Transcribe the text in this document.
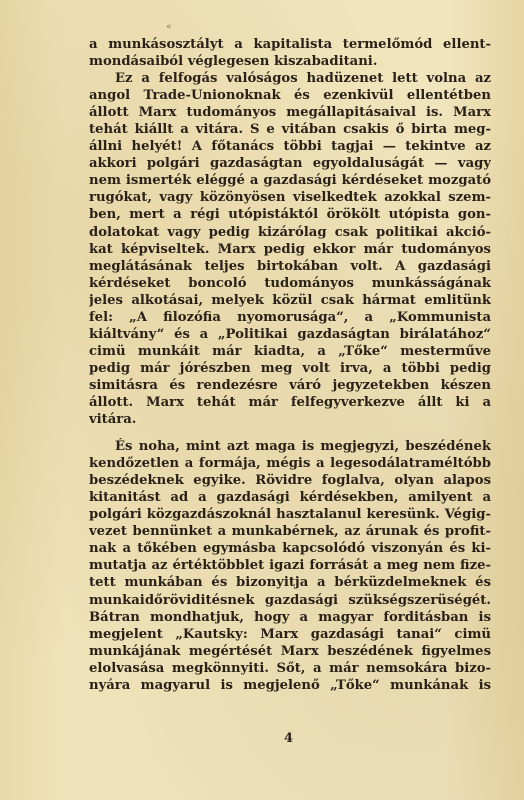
«
a munkásosztályt a kapitalista termelőmód ellent-
mondásaiból véglegesen kiszabaditani.
Ez a felfogás valóságos hadüzenet lett volna az
angol Trade-Unionoknak és ezenkivül ellentétben
állott Marx tudományos megállapitásaival is. Marx
tehát kiállt a vitára. S e vitában csakis ő birta meg-
állni helyét! A főtanács többi tagjai — tekintve az
akkori polgári gazdaságtan egyoldaluságát — vagy
nem ismerték eléggé a gazdasági kérdéseket mozgató
rugókat, vagy közönyösen viselkedtek azokkal szem-
ben, mert a régi utópistáktól örökölt utópista gon-
dolatokat vagy pedig kizárólag csak politikai akció-
kat képviseltek. Marx pedig ekkor már tudományos
meglátásának teljes birtokában volt. A gazdasági
kérdéseket boncoló tudományos munkásságának
jeles alkotásai, melyek közül csak hármat emlitünk
fel: „A filozófia nyomorusága“, a „Kommunista
kiáltvány“ és a „Politikai gazdaságtan birálatához“
cimü munkáit már kiadta, a „Tőke“ mesterműve
pedig már jórészben meg volt irva, a többi pedig
simitásra és rendezésre váró jegyzetekben készen
állott. Marx tehát már felfegyverkezve állt ki a
vitára.
És noha, mint azt maga is megjegyzi, beszédének
kendőzetlen a formája, mégis a legesodálatraméltóbb
beszédeknek egyike. Rövidre foglalva, olyan alapos
kitanitást ad a gazdasági kérdésekben, amilyent a
polgári közgazdászoknál hasztalanul keresünk. Végig-
vezet bennünket a munkabérnek, az árunak és profit-
nak a tőkében egymásba kapcsolódó viszonyán és ki-
mutatja az értéktöbblet igazi forrását a meg nem fize-
tett munkában és bizonyitja a bérküzdelmeknek és
munkaidőröviditésnek gazdasági szükségszerüségét.
Bátran mondhatjuk, hogy a magyar forditásban is
megjelent „Kautsky: Marx gazdasági tanai“ cimü
munkájának megértését Marx beszédének figyelmes
elolvasása megkönnyiti. Sőt, a már nemsokára bizo-
nyára magyarul is megjelenő „Tőke“ munkának is
4
